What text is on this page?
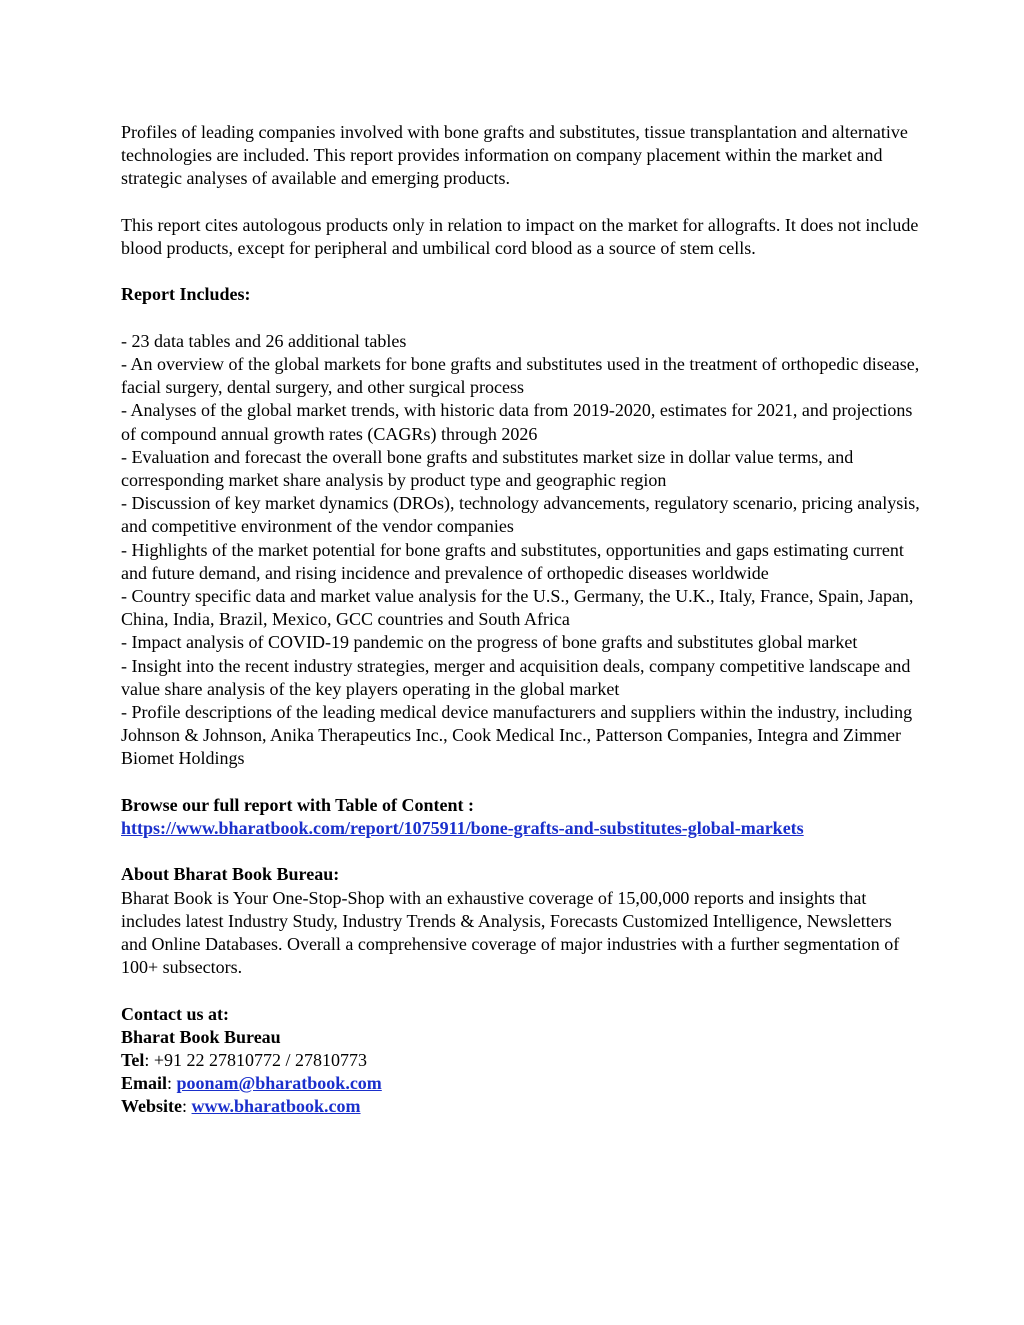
Profiles of leading companies involved with bone grafts and substitutes, tissue transplantation and alternative technologies are included. This report provides information on company placement within the market and strategic analyses of available and emerging products.

This report cites autologous products only in relation to impact on the market for allografts. It does not include blood products, except for peripheral and umbilical cord blood as a source of stem cells.

Report Includes:

- 23 data tables and 26 additional tables

- An overview of the global markets for bone grafts and substitutes used in the treatment of orthopedic disease, facial surgery, dental surgery, and other surgical process

- Analyses of the global market trends, with historic data from 2019-2020, estimates for 2021, and projections of compound annual growth rates (CAGRs) through 2026

- Evaluation and forecast the overall bone grafts and substitutes market size in dollar value terms, and corresponding market share analysis by product type and geographic region

- Discussion of key market dynamics (DROs), technology advancements, regulatory scenario, pricing analysis, and competitive environment of the vendor companies

- Highlights of the market potential for bone grafts and substitutes, opportunities and gaps estimating current and future demand, and rising incidence and prevalence of orthopedic diseases worldwide

- Country specific data and market value analysis for the U.S., Germany, the U.K., Italy, France, Spain, Japan, China, India, Brazil, Mexico, GCC countries and South Africa

- Impact analysis of COVID-19 pandemic on the progress of bone grafts and substitutes global market

- Insight into the recent industry strategies, merger and acquisition deals, company competitive landscape and value share analysis of the key players operating in the global market

- Profile descriptions of the leading medical device manufacturers and suppliers within the industry, including Johnson & Johnson, Anika Therapeutics Inc., Cook Medical Inc., Patterson Companies, Integra and Zimmer Biomet Holdings

Browse our full report with Table of Content :

https://www.bharatbook.com/report/1075911/bone-grafts-and-substitutes-global-markets

About Bharat Book Bureau:

Bharat Book is Your One-Stop-Shop with an exhaustive coverage of 15,00,000 reports and insights that includes latest Industry Study, Industry Trends & Analysis, Forecasts Customized Intelligence, Newsletters and Online Databases. Overall a comprehensive coverage of major industries with a further segmentation of 100+ subsectors.

Contact us at:

Bharat Book Bureau

Tel: +91 22 27810772 / 27810773

Email: poonam@bharatbook.com

Website: www.bharatbook.com
